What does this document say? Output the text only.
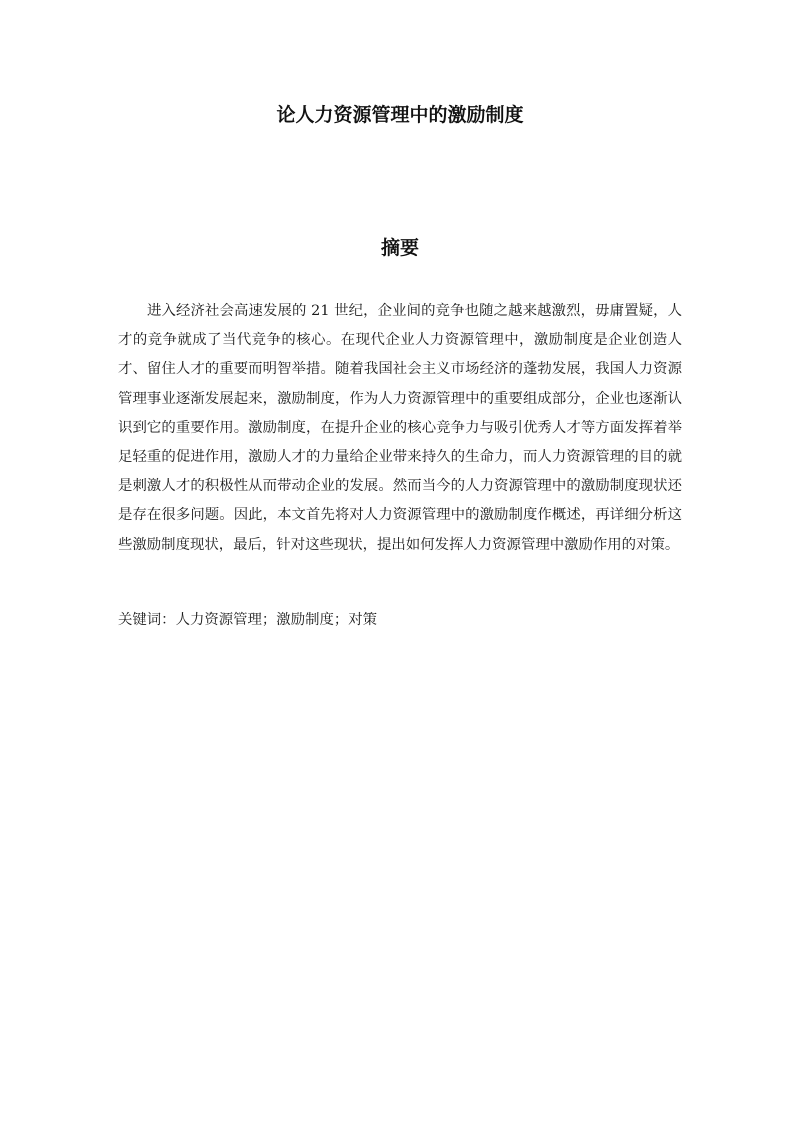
论人力资源管理中的激励制度
摘要

进入经济社会高速发展的 21 世纪，企业间的竞争也随之越来越激烈，毋庸置疑，人才的竞争就成了当代竞争的核心。在现代企业人力资源管理中，激励制度是企业创造人才、留住人才的重要而明智举措。随着我国社会主义市场经济的蓬勃发展，我国人力资源管理事业逐渐发展起来，激励制度，作为人力资源管理中的重要组成部分，企业也逐渐认识到它的重要作用。激励制度，在提升企业的核心竞争力与吸引优秀人才等方面发挥着举足轻重的促进作用，激励人才的力量给企业带来持久的生命力，而人力资源管理的目的就是刺激人才的积极性从而带动企业的发展。然而当今的人力资源管理中的激励制度现状还是存在很多问题。因此，本文首先将对人力资源管理中的激励制度作概述，再详细分析这些激励制度现状，最后，针对这些现状，提出如何发挥人力资源管理中激励作用的对策。

关键词：人力资源管理；激励制度；对策
